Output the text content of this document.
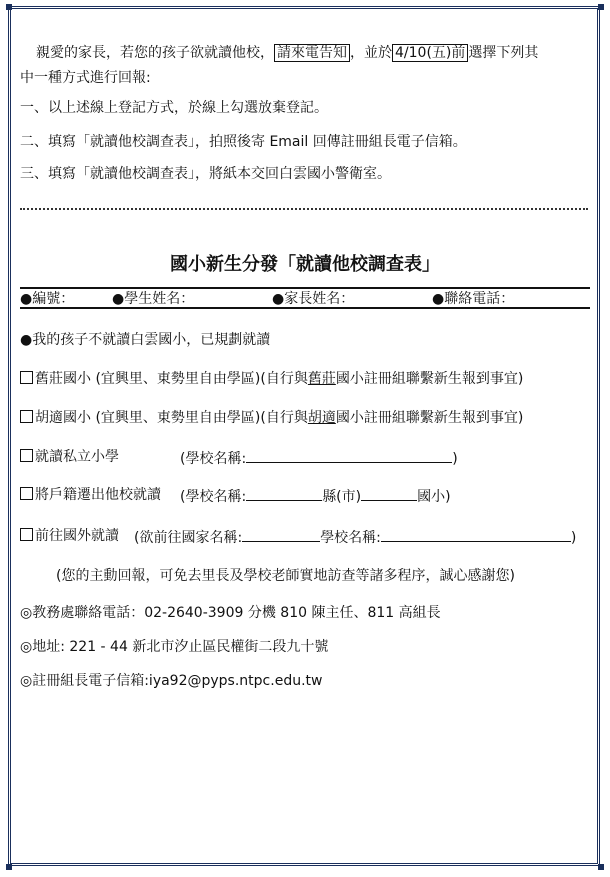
親愛的家長，若您的孩子欲就讀他校， 請來電告知 ，並於 4/10(五)前 選擇下列其
中一種方式進行回報:
一、以上述線上登記方式，於線上勾選放棄登記。
二、填寫「就讀他校調查表」，拍照後寄 Email 回傳註冊組長電子信箱。
三、填寫「就讀他校調查表」，將紙本交回白雲國小警衛室。
國小新生分發「就讀他校調查表」
●編號：	●學生姓名：	●家長姓名：	●聯絡電話：
●我的孩子不就讀白雲國小，已規劃就讀
舊莊國小 (宜興里、東勢里自由學區)(自行與舊莊國小註冊組聯繫新生報到事宜)
胡適國小 (宜興里、東勢里自由學區)(自行與胡適國小註冊組聯繫新生報到事宜)
就讀私立小學	(學校名稱:	)
將戶籍遷出他校就讀 (學校名稱:	縣(市)	國小)
前往國外就讀 (欲前往國家名稱:	學校名稱:	)
(您的主動回報，可免去里長及學校老師實地訪查等諸多程序，誠心感謝您)
◎教務處聯絡電話：02-2640-3909 分機 810 陳主任、811 高組長
◎地址: 221 - 44 新北市汐止區民權街二段九十號
◎註冊組長電子信箱:iya92@pyps.ntpc.edu.tw
